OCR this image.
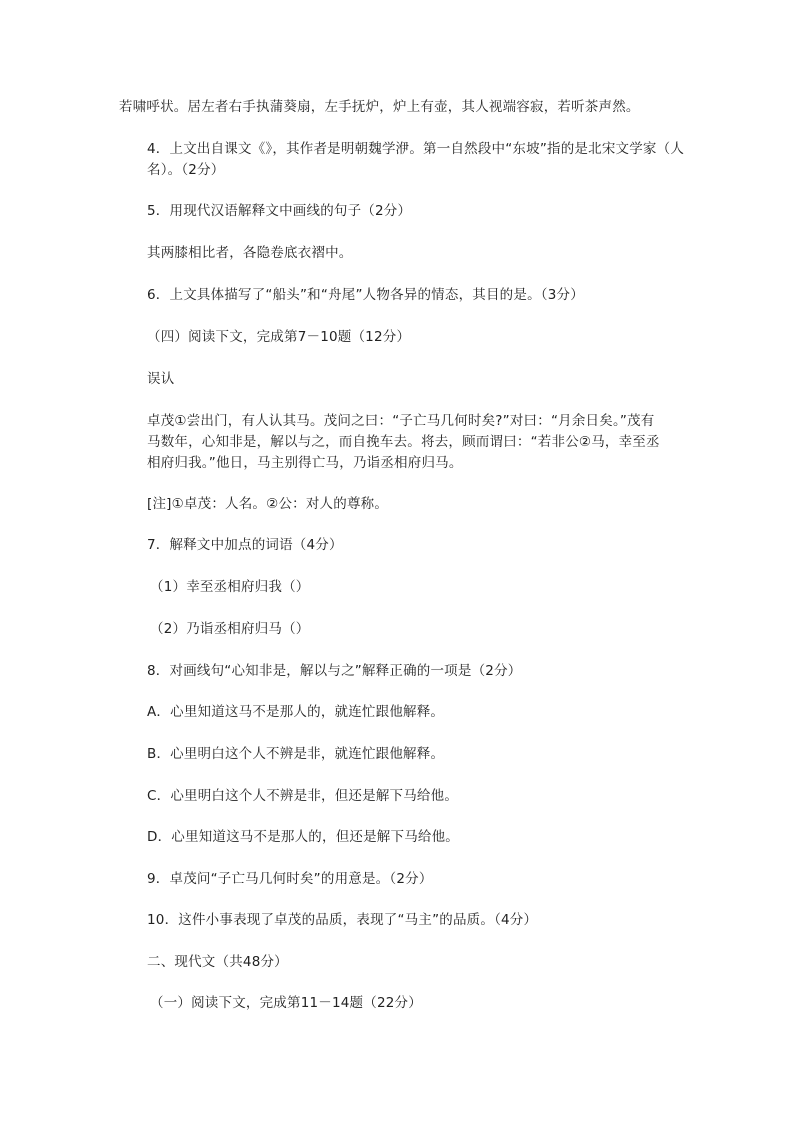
若啸呼状。居左者右手执蒲葵扇，左手抚炉，炉上有壶，其人视端容寂，若听茶声然。
4．上文出自课文《》，其作者是明朝魏学洢。第一自然段中“东坡”指的是北宋文学家（人名）。（2分）
5．用现代汉语解释文中画线的句子（2分）
其两膝相比者，各隐卷底衣褶中。
6．上文具体描写了“船头”和“舟尾”人物各异的情态，其目的是。（3分）
（四）阅读下文，完成第7－10题（12分）
误认
卓茂①尝出门，有人认其马。茂问之曰：“子亡马几何时矣?”对曰：“月余日矣。”茂有马数年，心知非是，解以与之，而自挽车去。将去，顾而谓曰：“若非公②马，幸至丞相府归我。”他日，马主别得亡马，乃诣丞相府归马。
[注]①卓茂：人名。②公：对人的尊称。
7．解释文中加点的词语（4分）
（1）幸至丞相府归我（）
（2）乃诣丞相府归马（）
8．对画线句“心知非是，解以与之”解释正确的一项是（2分）
A．心里知道这马不是那人的，就连忙跟他解释。
B．心里明白这个人不辨是非，就连忙跟他解释。
C．心里明白这个人不辨是非，但还是解下马给他。
D．心里知道这马不是那人的，但还是解下马给他。
9．卓茂问“子亡马几何时矣”的用意是。（2分）
10．这件小事表现了卓茂的品质，表现了“马主”的品质。（4分）
二、现代文（共48分）
（一）阅读下文，完成第11－14题（22分）
